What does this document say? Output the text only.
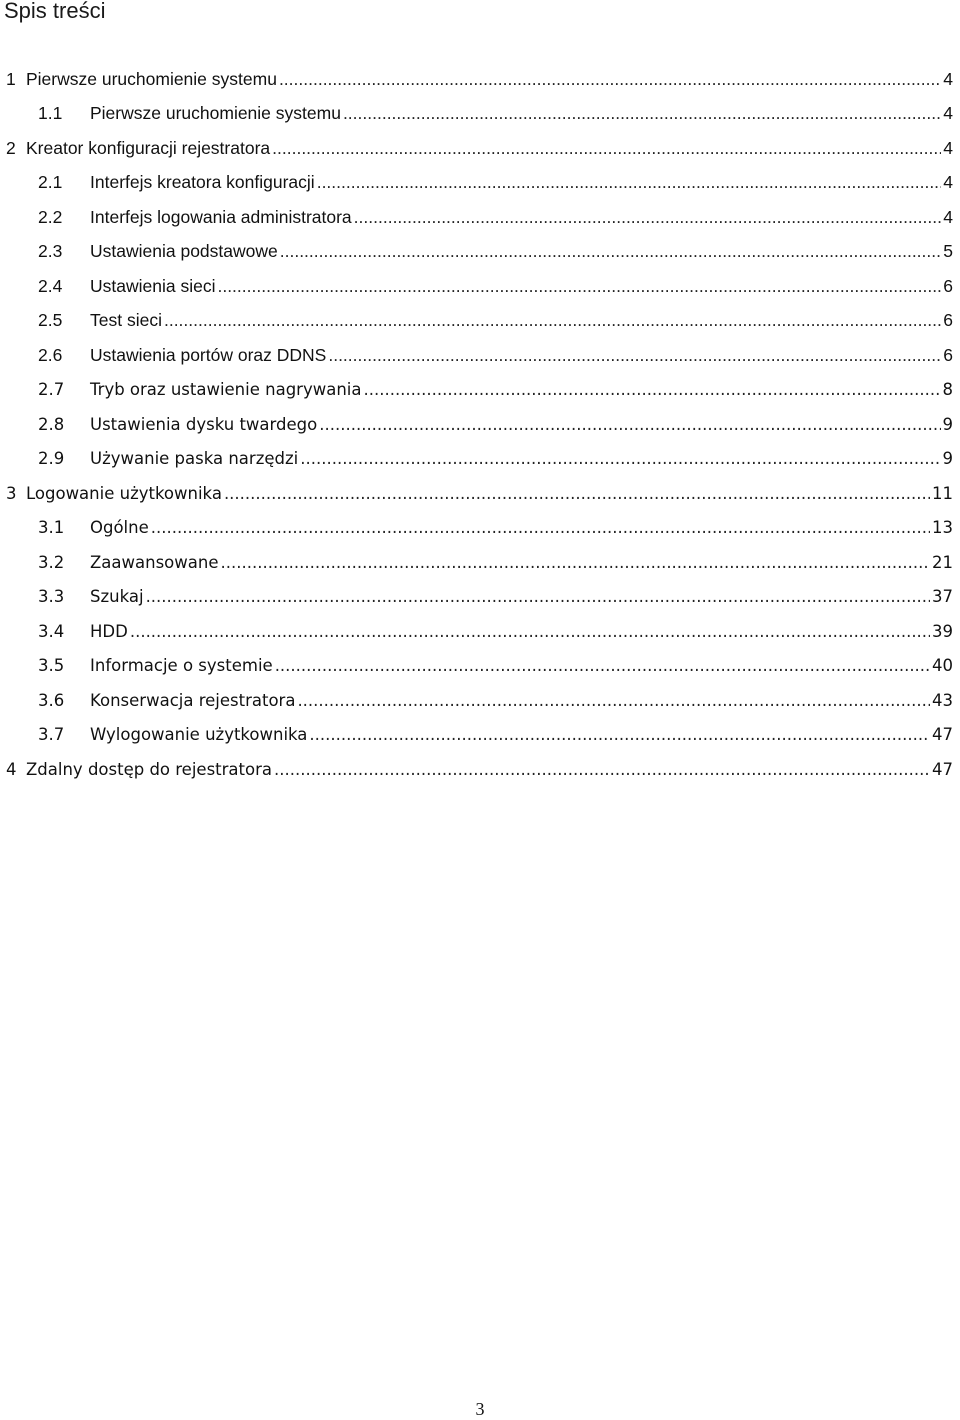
Spis treści
1 Pierwsze uruchomienie systemu .....	4
1.1	Pierwsze uruchomienie systemu .....	4
2 Kreator konfiguracji rejestratora .....	4
2.1	Interfejs kreatora konfiguracji .....	4
2.2	Interfejs logowania administratora .....	4
2.3	Ustawienia podstawowe .....	5
2.4	Ustawienia sieci .....	6
2.5	Test sieci .....	6
2.6	Ustawienia portów oraz DDNS .....	6
2.7	Tryb oraz ustawienie nagrywania .....	8
2.8	Ustawienia dysku twardego .....	9
2.9	Używanie paska narzędzi .....	9
3 Logowanie użytkownika .....	11
3.1	Ogólne .....	13
3.2	Zaawansowane .....	21
3.3	Szukaj .....	37
3.4	HDD .....	39
3.5	Informacje o systemie .....	40
3.6	Konserwacja rejestratora .....	43
3.7	Wylogowanie użytkownika .....	47
4 Zdalny dostęp do rejestratora .....	47
3
